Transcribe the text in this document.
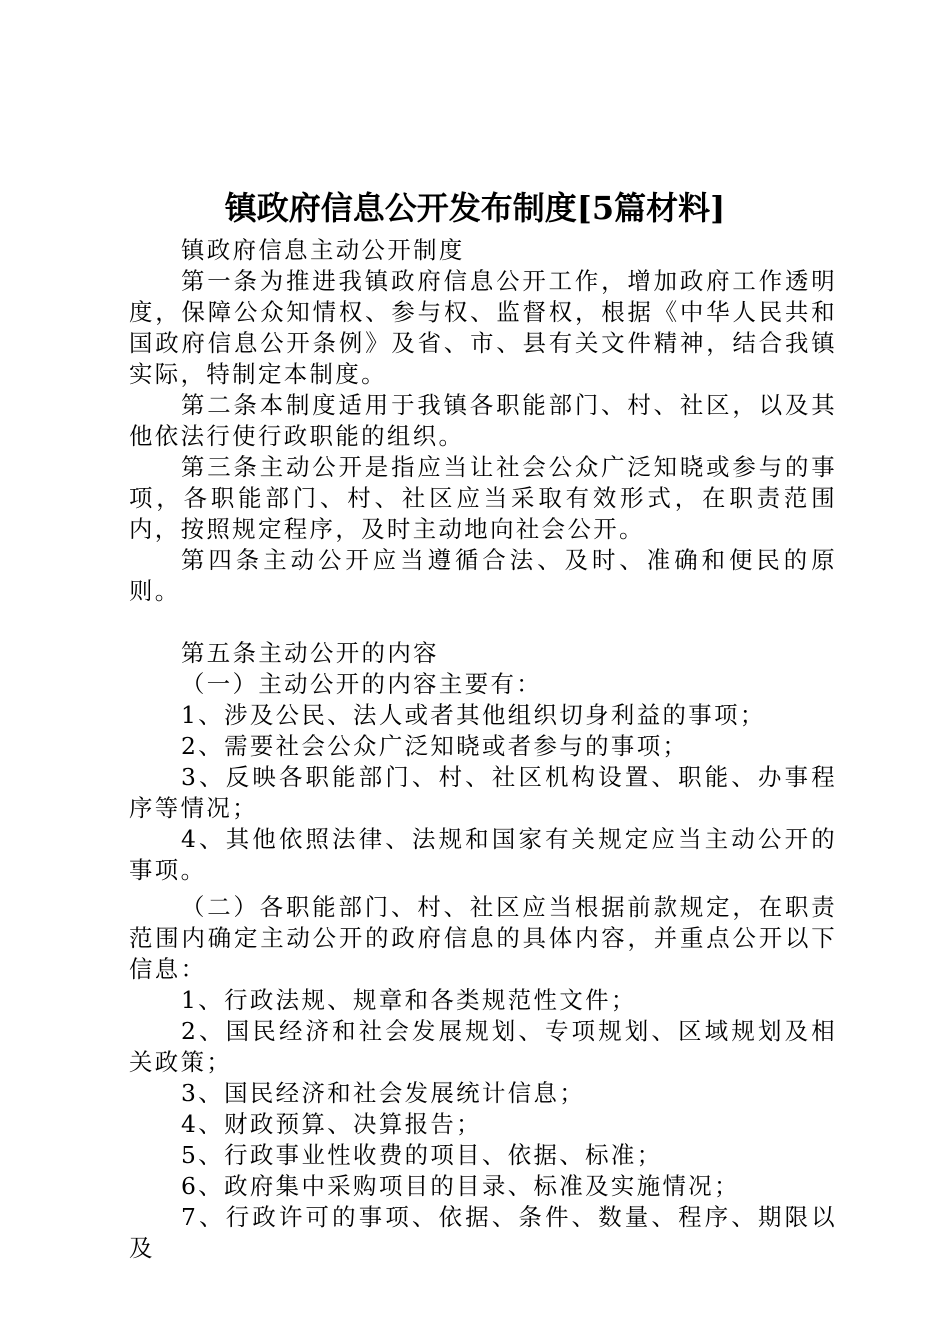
镇政府信息公开发布制度[5篇材料]

镇政府信息主动公开制度

第一条为推进我镇政府信息公开工作，增加政府工作透明度，保障公众知情权、参与权、监督权，根据《中华人民共和国政府信息公开条例》及省、市、县有关文件精神，结合我镇实际，特制定本制度。

第二条本制度适用于我镇各职能部门、村、社区，以及其他依法行使行政职能的组织。

第三条主动公开是指应当让社会公众广泛知晓或参与的事项，各职能部门、村、社区应当采取有效形式，在职责范围内，按照规定程序，及时主动地向社会公开。

第四条主动公开应当遵循合法、及时、准确和便民的原则。

第五条主动公开的内容

（一）主动公开的内容主要有：

1、涉及公民、法人或者其他组织切身利益的事项；

2、需要社会公众广泛知晓或者参与的事项；

3、反映各职能部门、村、社区机构设置、职能、办事程序等情况；

4、其他依照法律、法规和国家有关规定应当主动公开的事项。

（二）各职能部门、村、社区应当根据前款规定，在职责范围内确定主动公开的政府信息的具体内容，并重点公开以下信息：

1、行政法规、规章和各类规范性文件；

2、国民经济和社会发展规划、专项规划、区域规划及相关政策；

3、国民经济和社会发展统计信息；

4、财政预算、决算报告；

5、行政事业性收费的项目、依据、标准；

6、政府集中采购项目的目录、标准及实施情况；

7、行政许可的事项、依据、条件、数量、程序、期限以及
